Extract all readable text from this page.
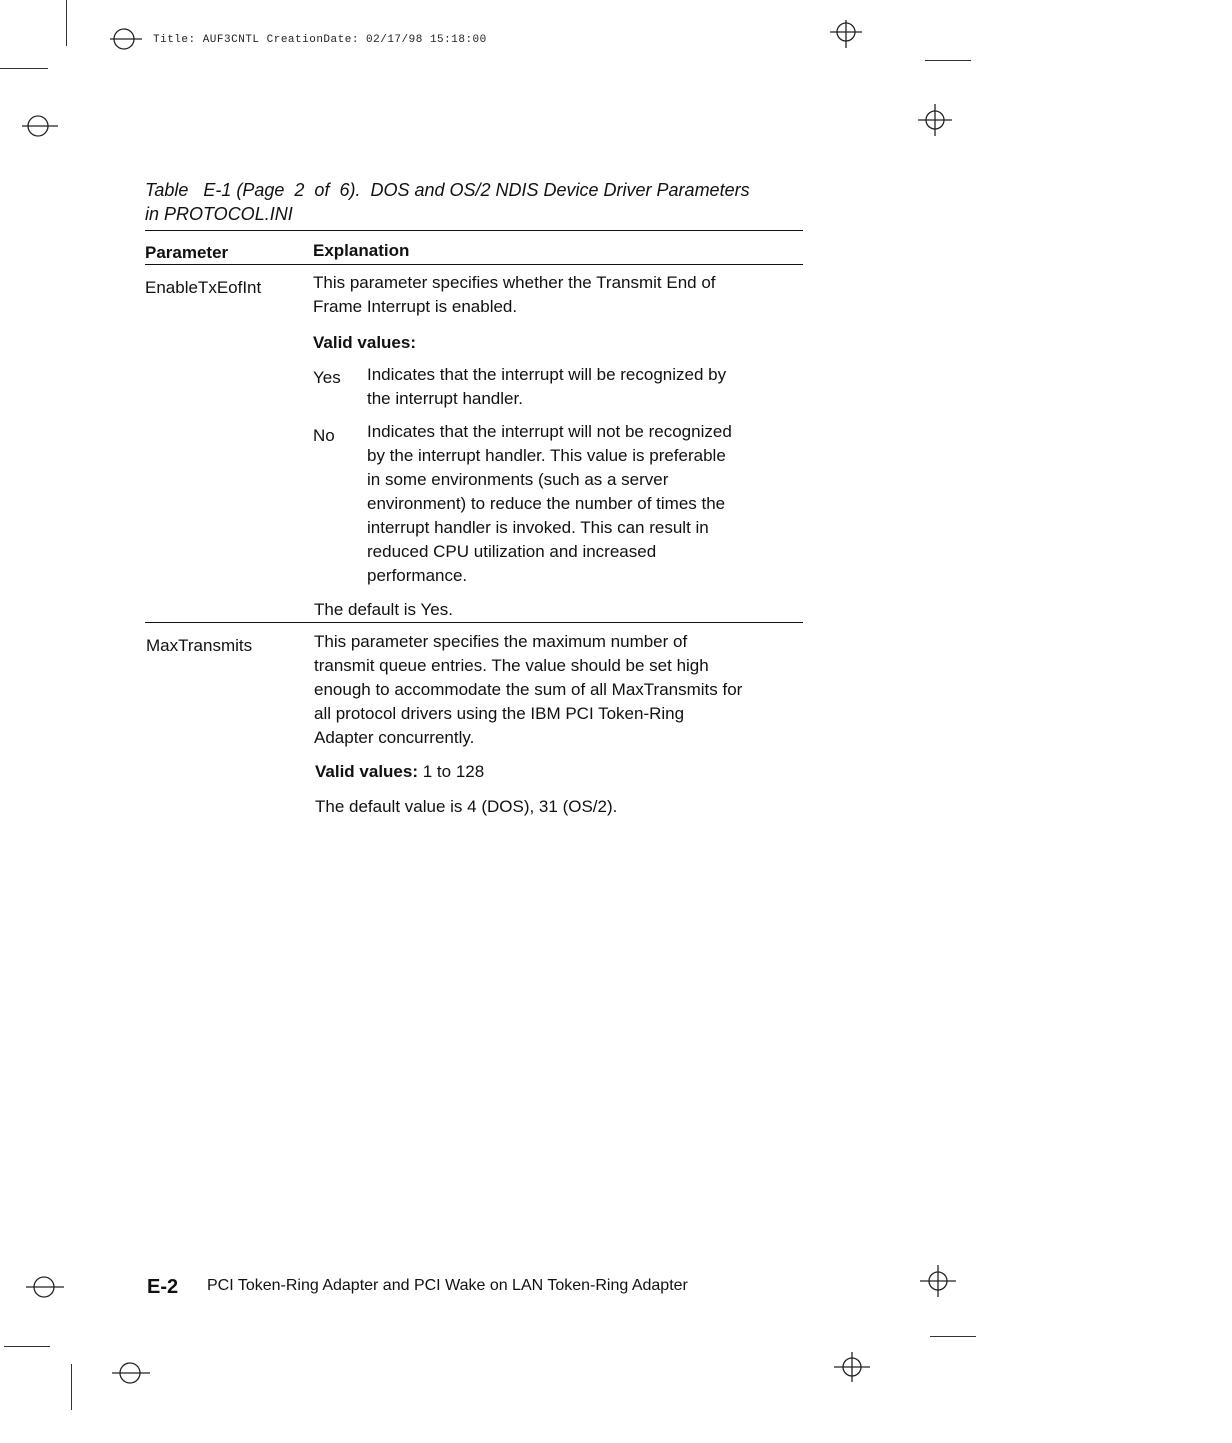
Title: AUF3CNTL CreationDate: 02/17/98 15:18:00
Table   E-1 (Page  2  of  6).  DOS and OS/2 NDIS Device Driver Parameters
in PROTOCOL.INI
Parameter	Explanation
EnableTxEofInt	This parameter specifies whether the Transmit End of
Frame Interrupt is enabled.
Valid values:
Yes Indicates that the interrupt will be recognized by
the interrupt handler.
No Indicates that the interrupt will not be recognized
by the interrupt handler. This value is preferable
in some environments (such as a server
environment) to reduce the number of times the
interrupt handler is invoked. This can result in
reduced CPU utilization and increased
performance.
The default is Yes.
MaxTransmits	This parameter specifies the maximum number of
transmit queue entries. The value should be set high
enough to accommodate the sum of all MaxTransmits for
all protocol drivers using the IBM PCI Token-Ring
Adapter concurrently.
Valid values: 1 to 128
The default value is 4 (DOS), 31 (OS/2).
E-2 PCI Token-Ring Adapter and PCI Wake on LAN Token-Ring Adapter
